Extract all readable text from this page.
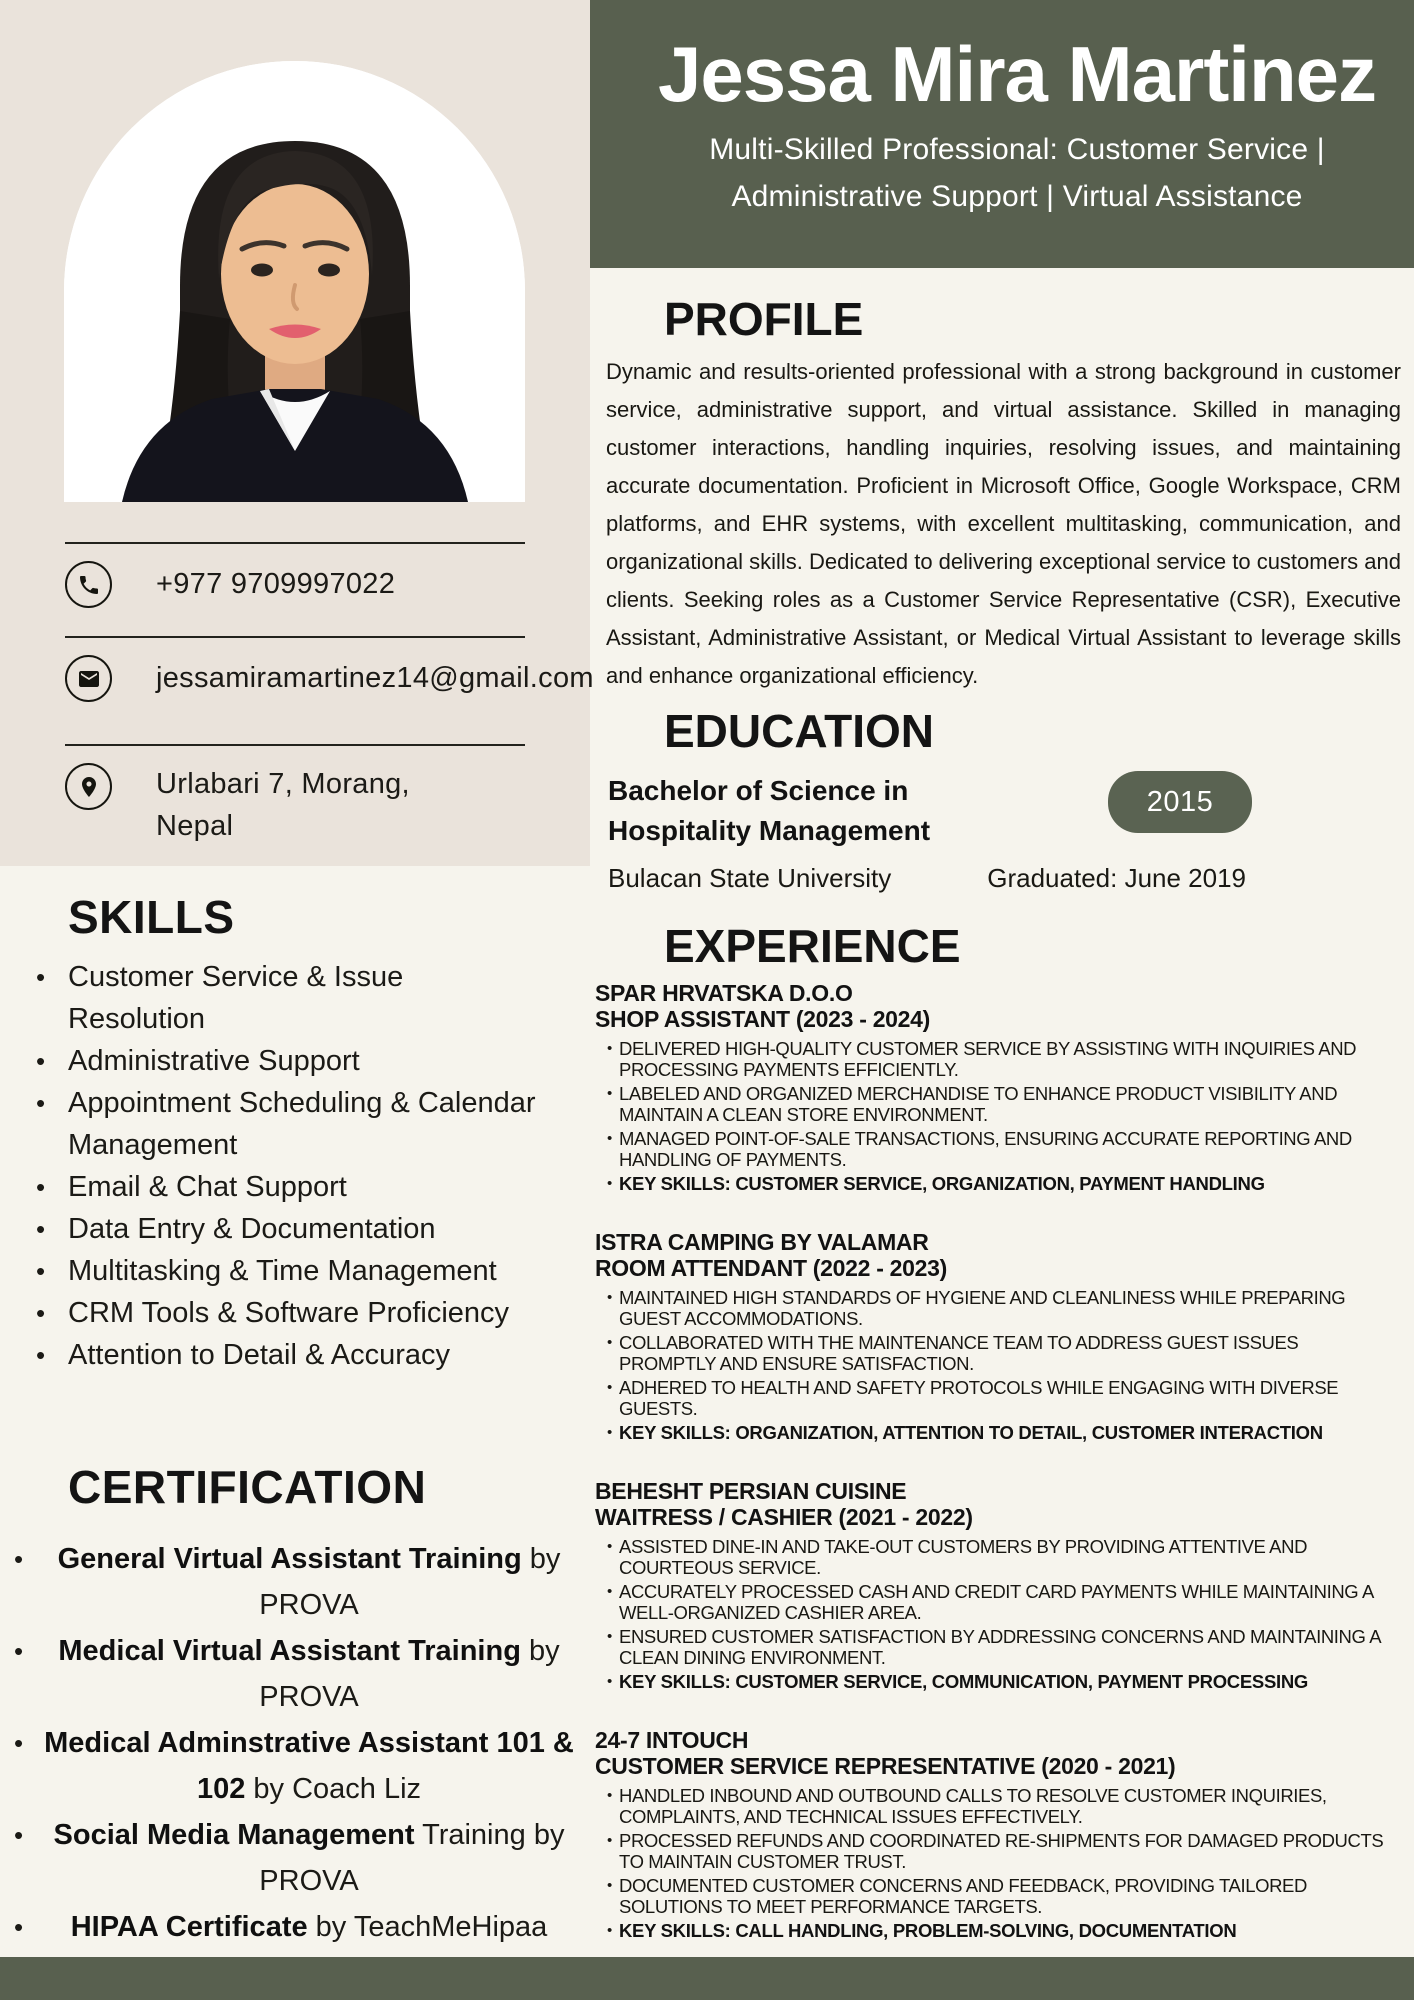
+977 9709997022
jessamiramartinez14@gmail.com
Urlabari 7, Morang,
Nepal
SKILLS
• Customer Service & Issue Resolution
• Administrative Support
• Appointment Scheduling & Calendar Management
• Email & Chat Support
• Data Entry & Documentation
• Multitasking & Time Management
• CRM Tools & Software Proficiency
• Attention to Detail & Accuracy
CERTIFICATION
•	General Virtual Assistant Training by PROVA
•	Medical Virtual Assistant Training by PROVA
• Medical Adminstrative Assistant 101 & 102 by Coach Liz
•	Social Media Management Training by PROVA
•	HIPAA Certificate by TeachMeHipaa
Jessa Mira Martinez
Multi-Skilled Professional: Customer Service |
Administrative Support | Virtual Assistance
PROFILE

Dynamic and results-oriented professional with a strong background in customer service, administrative support, and virtual assistance. Skilled in managing customer interactions, handling inquiries, resolving issues, and maintaining accurate documentation. Proficient in Microsoft Office, Google Workspace, CRM platforms, and EHR systems, with excellent multitasking, communication, and organizational skills. Dedicated to delivering exceptional service to customers and clients. Seeking roles as a Customer Service Representative (CSR), Executive Assistant, Administrative Assistant, or Medical Virtual Assistant to leverage skills and enhance organizational efficiency.

EDUCATION
Bachelor of Science in
Hospitality Management
2015
Bulacan State University	Graduated: June 2019
EXPERIENCE
SPAR HRVATSKA D.O.O
SHOP ASSISTANT (2023 - 2024)
• DELIVERED HIGH-QUALITY CUSTOMER SERVICE BY ASSISTING WITH INQUIRIES AND PROCESSING PAYMENTS EFFICIENTLY.
• LABELED AND ORGANIZED MERCHANDISE TO ENHANCE PRODUCT VISIBILITY AND MAINTAIN A CLEAN STORE ENVIRONMENT.
• MANAGED POINT-OF-SALE TRANSACTIONS, ENSURING ACCURATE REPORTING AND HANDLING OF PAYMENTS.
• KEY SKILLS: CUSTOMER SERVICE, ORGANIZATION, PAYMENT HANDLING
ISTRA CAMPING BY VALAMAR
ROOM ATTENDANT (2022 - 2023)
• MAINTAINED HIGH STANDARDS OF HYGIENE AND CLEANLINESS WHILE PREPARING GUEST ACCOMMODATIONS.
• COLLABORATED WITH THE MAINTENANCE TEAM TO ADDRESS GUEST ISSUES PROMPTLY AND ENSURE SATISFACTION.
• ADHERED TO HEALTH AND SAFETY PROTOCOLS WHILE ENGAGING WITH DIVERSE GUESTS.
• KEY SKILLS: ORGANIZATION, ATTENTION TO DETAIL, CUSTOMER INTERACTION
BEHESHT PERSIAN CUISINE
WAITRESS / CASHIER (2021 - 2022)
• ASSISTED DINE-IN AND TAKE-OUT CUSTOMERS BY PROVIDING ATTENTIVE AND COURTEOUS SERVICE.
• ACCURATELY PROCESSED CASH AND CREDIT CARD PAYMENTS WHILE MAINTAINING A WELL-ORGANIZED CASHIER AREA.
• ENSURED CUSTOMER SATISFACTION BY ADDRESSING CONCERNS AND MAINTAINING A CLEAN DINING ENVIRONMENT.
• KEY SKILLS: CUSTOMER SERVICE, COMMUNICATION, PAYMENT PROCESSING
24-7 INTOUCH
CUSTOMER SERVICE REPRESENTATIVE (2020 - 2021)
• HANDLED INBOUND AND OUTBOUND CALLS TO RESOLVE CUSTOMER INQUIRIES, COMPLAINTS, AND TECHNICAL ISSUES EFFECTIVELY.
• PROCESSED REFUNDS AND COORDINATED RE-SHIPMENTS FOR DAMAGED PRODUCTS TO MAINTAIN CUSTOMER TRUST.
• DOCUMENTED CUSTOMER CONCERNS AND FEEDBACK, PROVIDING TAILORED SOLUTIONS TO MEET PERFORMANCE TARGETS.
• KEY SKILLS: CALL HANDLING, PROBLEM-SOLVING, DOCUMENTATION
